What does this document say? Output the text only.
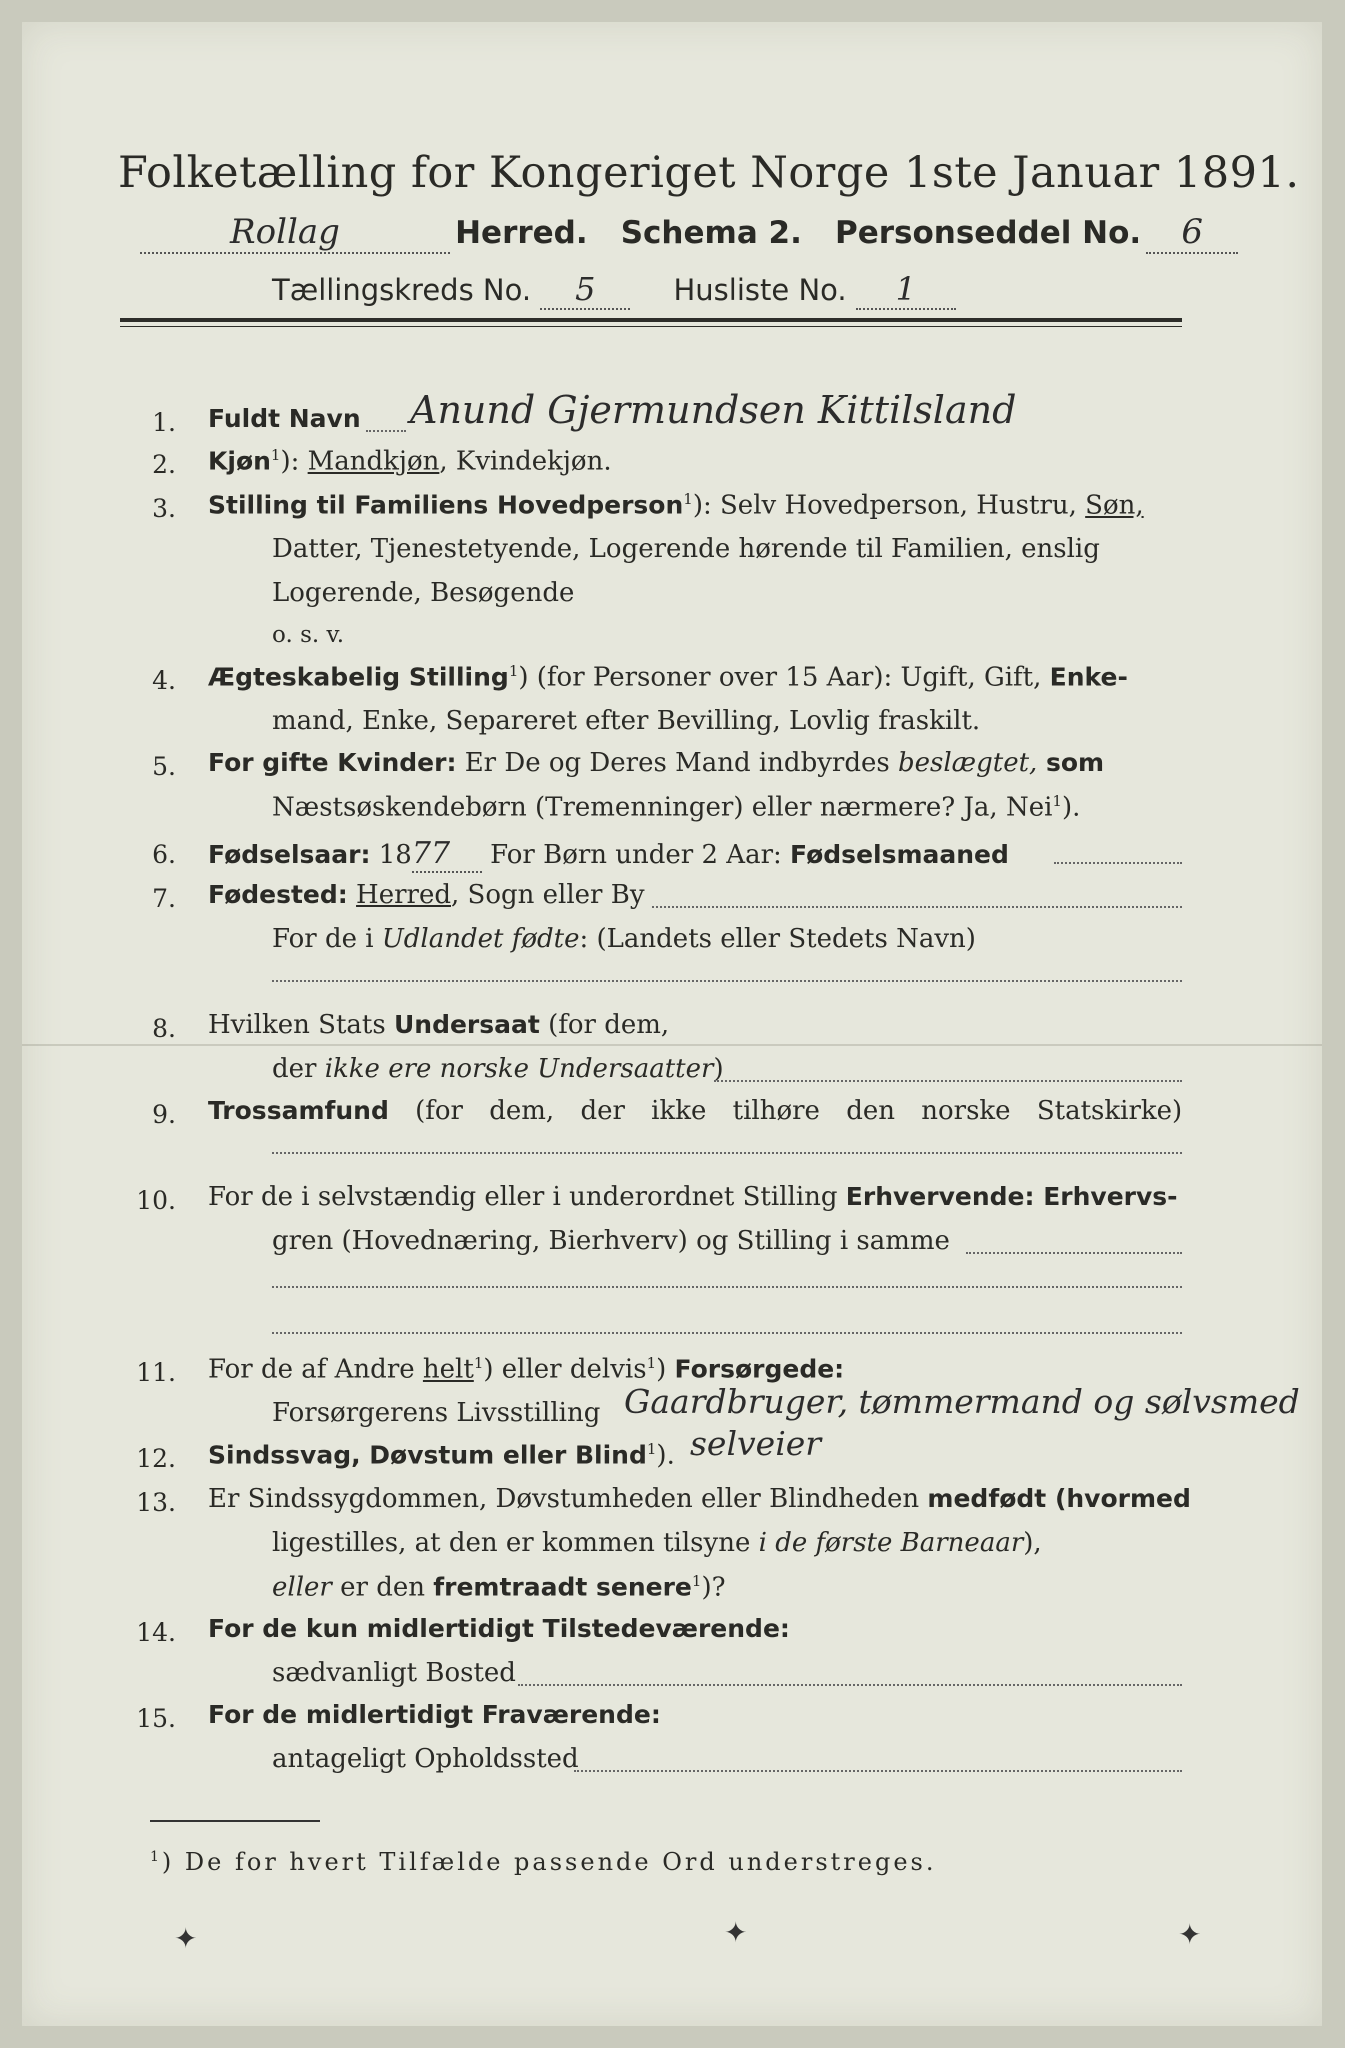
Folketælling for Kongeriget Norge 1ste Januar 1891.
Rollag	Herred. Schema 2. Personseddel No. 6
Tællingskreds No. 5	Husliste No. 1
1.
2.
3.
4.
5.
6.
7.
8.
9.
10.
11.
12.
13.
14.
15.
Fuldt Navn Anund Gjermundsen Kittilsland
Kjøn$^1$): Mandkjøn, Kvindekjøn.
Stilling til Familiens Hovedperson$^1$): Selv Hovedperson, Hustru, Søn,
Datter, Tjenestetyende, Logerende hørende til Familien, enslig
Logerende, Besøgende
o. s. v.
Ægteskabelig Stilling$^1$) (for Personer over 15 Aar): Ugift, Gift, Enke-
mand, Enke, Separeret efter Bevilling, Lovlig fraskilt.
For gifte Kvinder: Er De og Deres Mand indbyrdes beslægtet, som
Næstsøskendebørn (Tremenninger) eller nærmere? Ja, Nei$^1$).
Fødselsaar: 1877 For Børn under 2 Aar: Fødselsmaaned
Fødested: Herred, Sogn eller By
For de i Udlandet fødte: (Landets eller Stedets Navn)
Hvilken Stats Undersaat (for dem,
der ikke ere norske Undersaatter)
Trossamfund (for dem, der ikke tilhøre den norske Statskirke)
For de i selvstændig eller i underordnet Stilling Erhvervende: Erhvervs-
gren (Hovednæring, Bierhverv) og Stilling i samme
For de af Andre helt$^1$) eller delvis$^1$) Forsørgede:
Forsørgerens Livsstilling Gaardbruger, tømmermand og sølvsmed
Sindssvag, Døvstum eller Blind$^1$). selveier
Er Sindssygdommen, Døvstumheden eller Blindheden medfødt (hvormed
ligestilles, at den er kommen tilsyne i de første Barneaar),
eller er den fremtraadt senere$^1$)?
For de kun midlertidigt Tilstedeværende:
sædvanligt Bosted
For de midlertidigt Fraværende:
antageligt Opholdssted
$^1$) De for hvert Tilfælde passende Ord understreges.
✦	✦	✦
